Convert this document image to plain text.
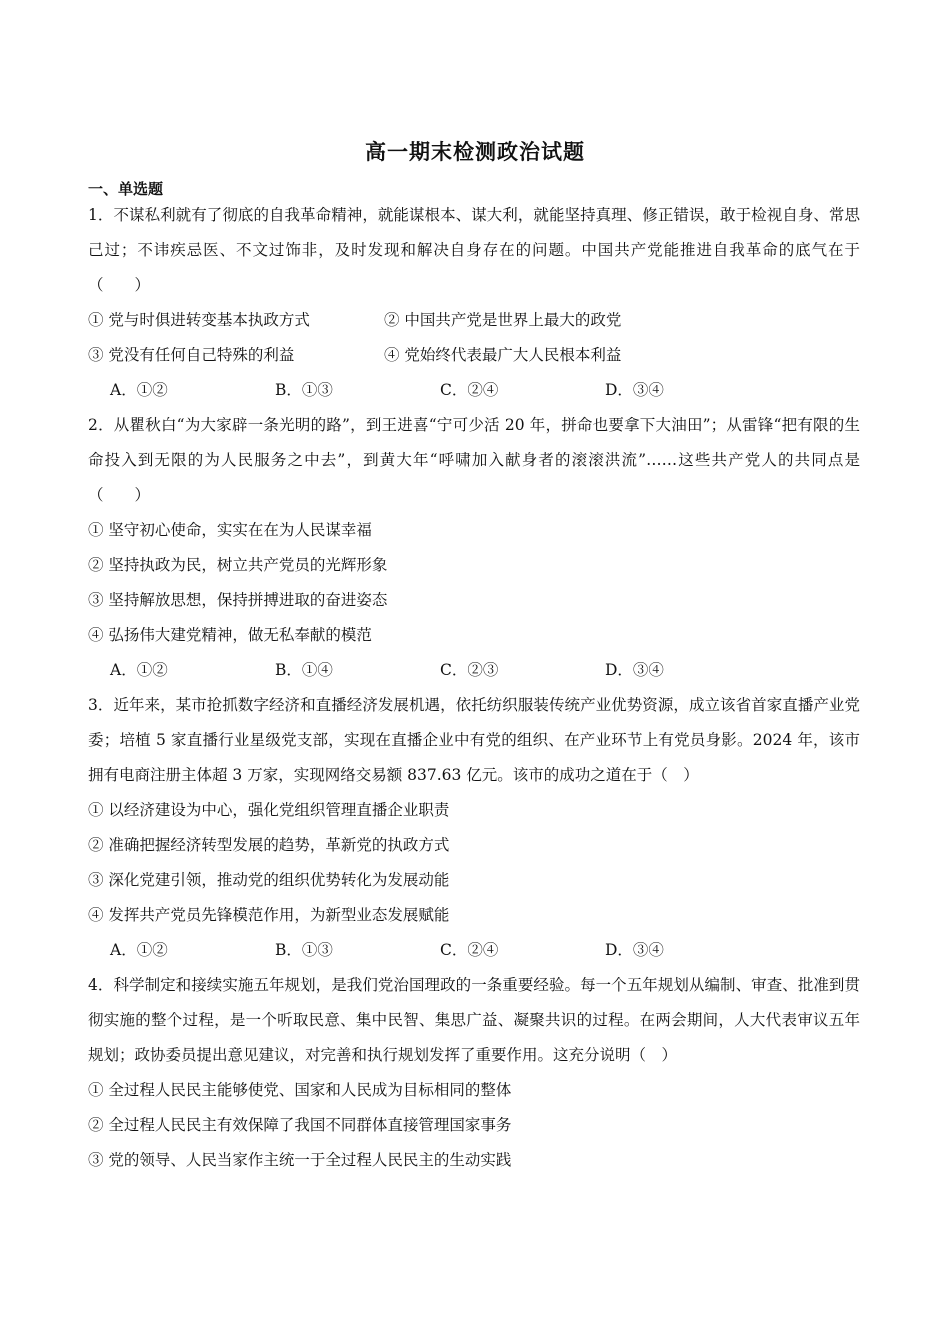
高一期末检测政治试题
一、单选题

1．不谋私利就有了彻底的自我革命精神，就能谋根本、谋大利，就能坚持真理、修正错误，敢于检视自身、常思己过；不讳疾忌医、不文过饰非，及时发现和解决自身存在的问题。中国共产党能推进自我革命的底气在于（　　）

① 党与时俱进转变基本执政方式	② 中国共产党是世界上最大的政党

③ 党没有任何自己特殊的利益	④ 党始终代表最广大人民根本利益

A．①②	B．①③	C．②④	D．③④

2．从瞿秋白“为大家辟一条光明的路”，到王进喜“宁可少活 20 年，拼命也要拿下大油田”；从雷锋“把有限的生命投入到无限的为人民服务之中去”，到黄大年“呼啸加入献身者的滚滚洪流”……这些共产党人的共同点是（　　）

① 坚守初心使命，实实在在为人民谋幸福

② 坚持执政为民，树立共产党员的光辉形象

③ 坚持解放思想，保持拼搏进取的奋进姿态

④ 弘扬伟大建党精神，做无私奉献的模范

A．①②	B．①④	C．②③	D．③④

3．近年来，某市抢抓数字经济和直播经济发展机遇，依托纺织服装传统产业优势资源，成立该省首家直播产业党委；培植 5 家直播行业星级党支部，实现在直播企业中有党的组织、在产业环节上有党员身影。2024 年，该市拥有电商注册主体超 3 万家，实现网络交易额 837.63 亿元。该市的成功之道在于（　）

① 以经济建设为中心，强化党组织管理直播企业职责

② 准确把握经济转型发展的趋势，革新党的执政方式

③ 深化党建引领，推动党的组织优势转化为发展动能

④ 发挥共产党员先锋模范作用，为新型业态发展赋能

A．①②	B．①③	C．②④	D．③④

4．科学制定和接续实施五年规划，是我们党治国理政的一条重要经验。每一个五年规划从编制、审查、批准到贯彻实施的整个过程，是一个听取民意、集中民智、集思广益、凝聚共识的过程。在两会期间，人大代表审议五年规划；政协委员提出意见建议，对完善和执行规划发挥了重要作用。这充分说明（　）

① 全过程人民民主能够使党、国家和人民成为目标相同的整体

② 全过程人民民主有效保障了我国不同群体直接管理国家事务

③ 党的领导、人民当家作主统一于全过程人民民主的生动实践
